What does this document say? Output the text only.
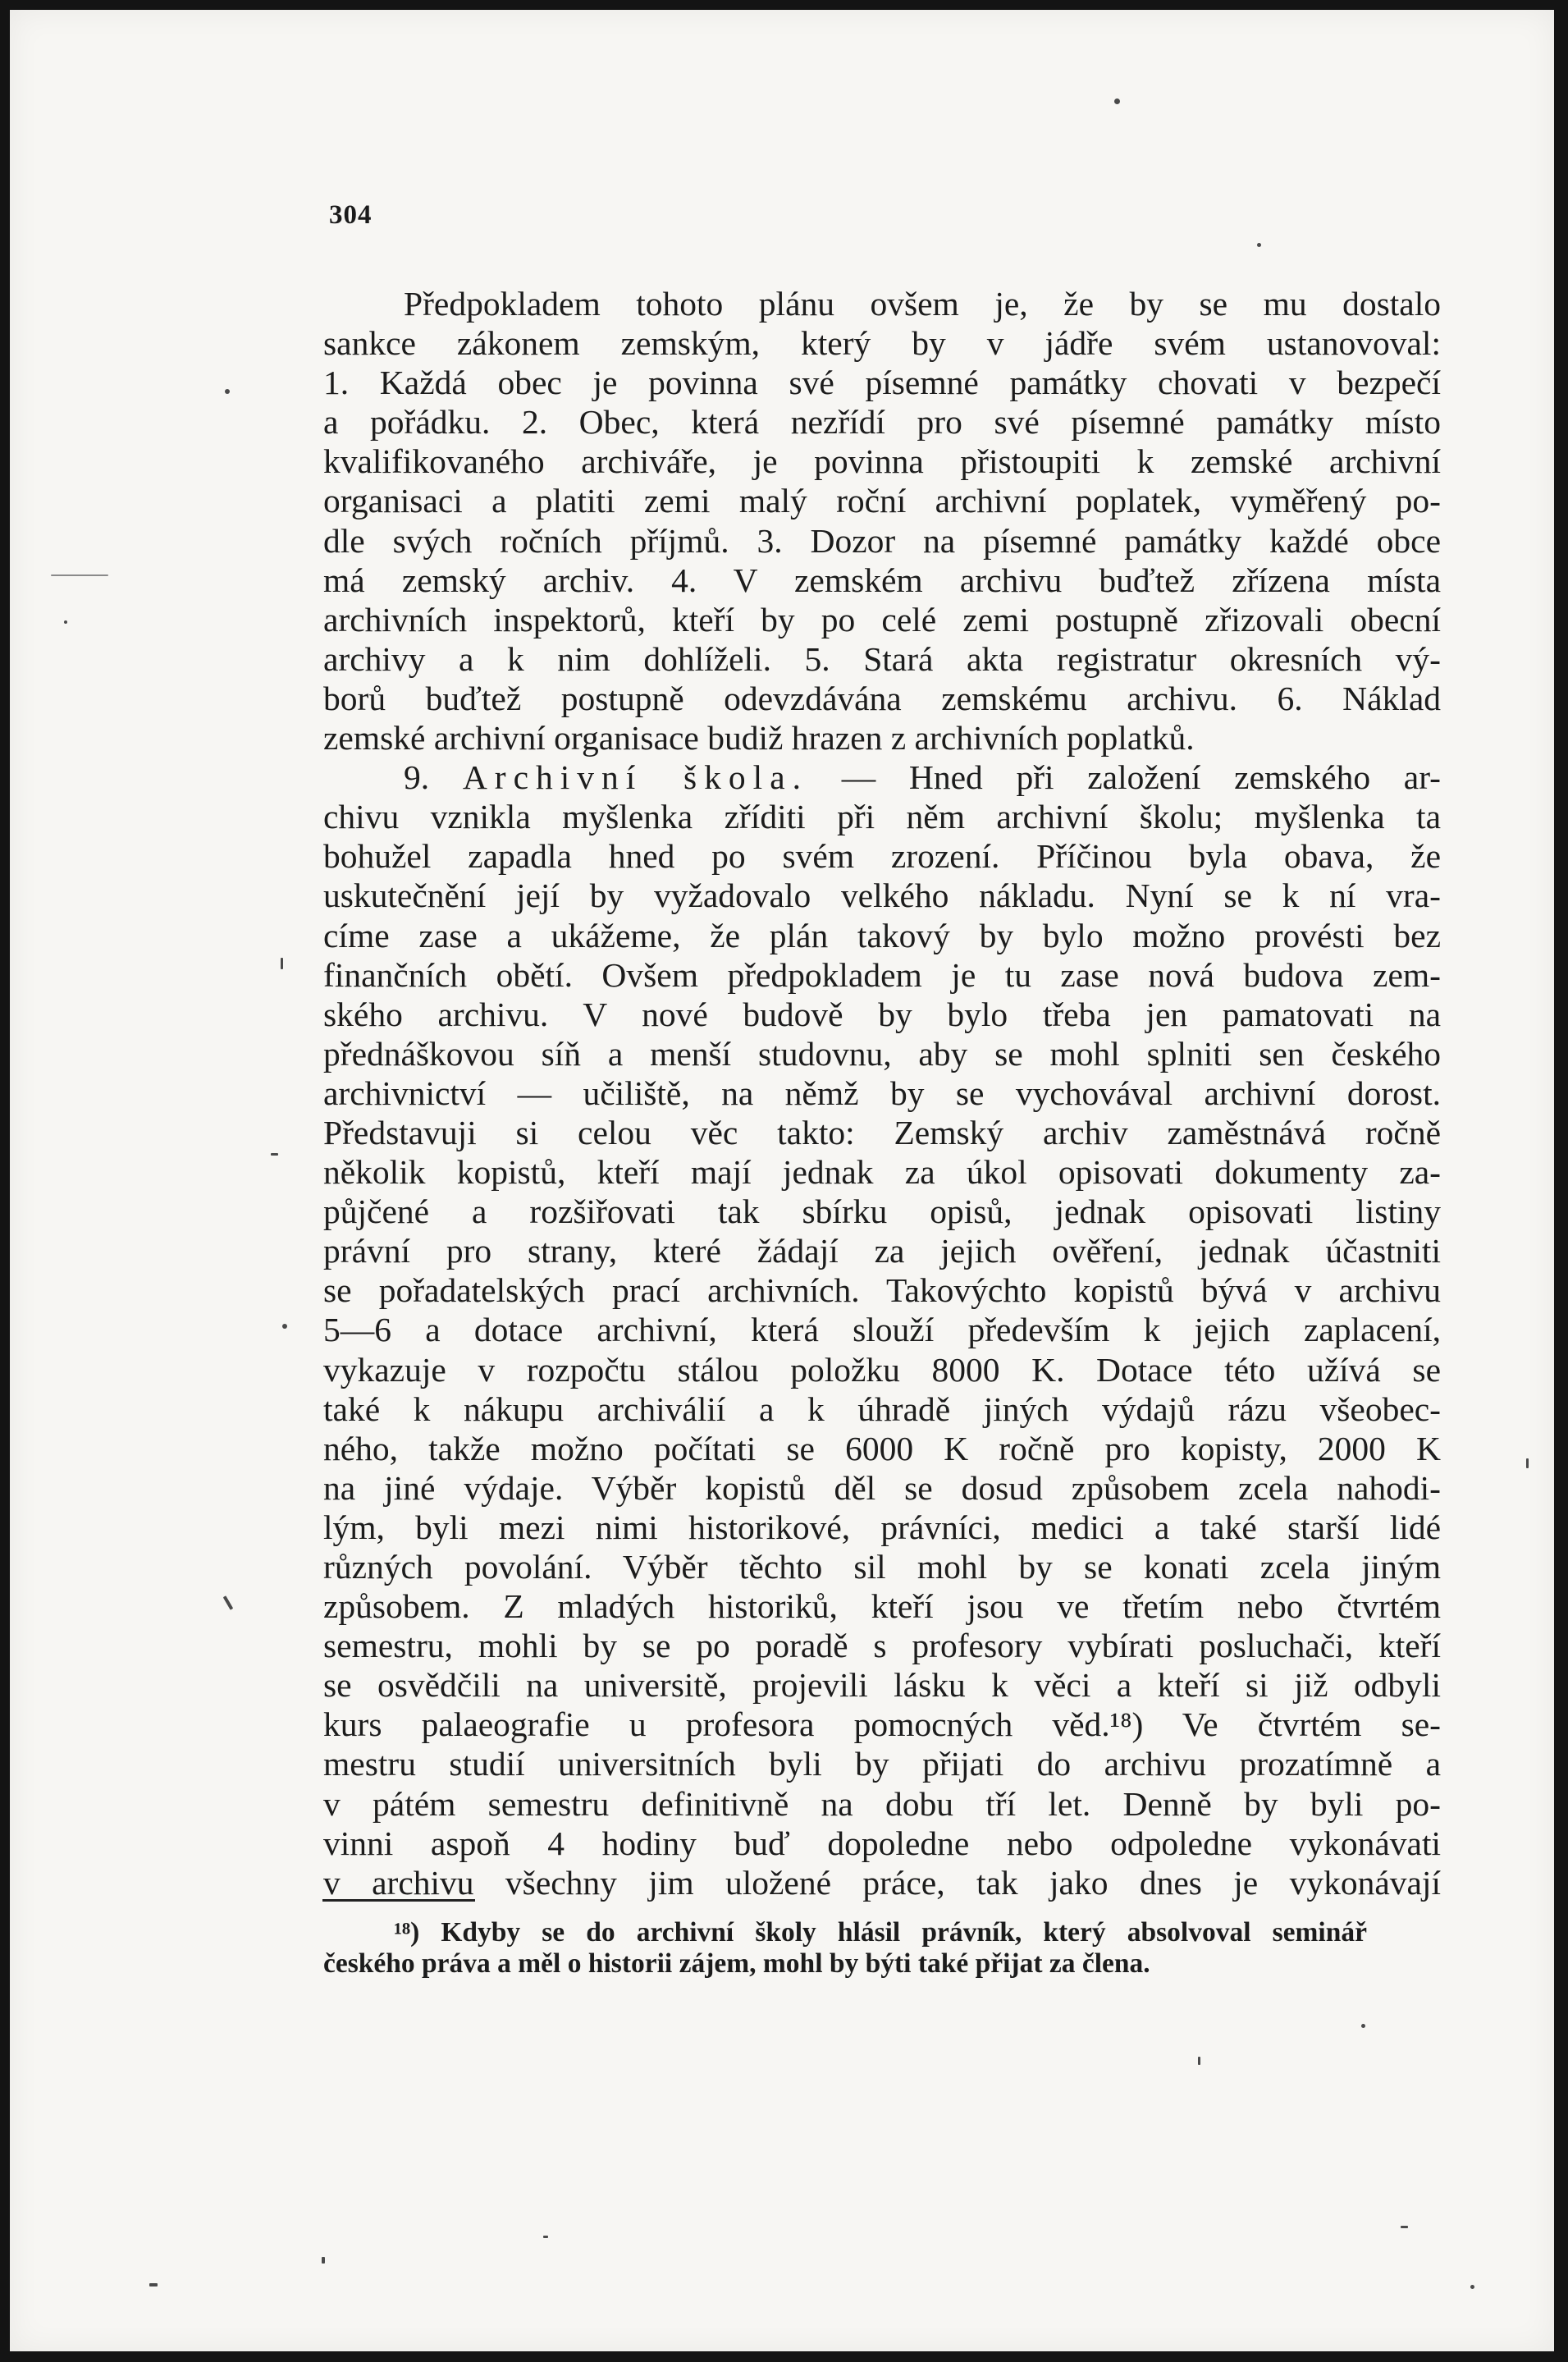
304
Předpokladem tohoto plánu ovšem je, že by se mu dostalo
sankce zákonem zemským, který by v jádře svém ustanovoval:
1. Každá obec je povinna své písemné památky chovati v bezpečí
a pořádku. 2. Obec, která nezřídí pro své písemné památky místo
kvalifikovaného archiváře, je povinna přistoupiti k zemské archivní
organisaci a platiti zemi malý roční archivní poplatek, vyměřený po-
dle svých ročních příjmů. 3. Dozor na písemné památky každé obce
má zemský archiv. 4. V zemském archivu buďtež zřízena místa
archivních inspektorů, kteří by po celé zemi postupně zřizovali obecní
archivy a k nim dohlíželi. 5. Stará akta registratur okresních vý-
borů buďtež postupně odevzdávána zemskému archivu. 6. Náklad
zemské archivní organisace budiž hrazen z archivních poplatků.
9. Archivní škola. — Hned při založení zemského ar-
chivu vznikla myšlenka zříditi při něm archivní školu; myšlenka ta
bohužel zapadla hned po svém zrození. Příčinou byla obava, že
uskutečnění její by vyžadovalo velkého nákladu. Nyní se k ní vra-
címe zase a ukážeme, že plán takový by bylo možno provésti bez
finančních obětí. Ovšem předpokladem je tu zase nová budova zem-
ského archivu. V nové budově by bylo třeba jen pamatovati na
přednáškovou síň a menší studovnu, aby se mohl splniti sen českého
archivnictví — učiliště, na němž by se vychovával archivní dorost.
Představuji si celou věc takto: Zemský archiv zaměstnává ročně
několik kopistů, kteří mají jednak za úkol opisovati dokumenty za-
půjčené a rozšiřovati tak sbírku opisů, jednak opisovati listiny
právní pro strany, které žádají za jejich ověření, jednak účastniti
se pořadatelských prací archivních. Takovýchto kopistů bývá v archivu
5—6 a dotace archivní, která slouží především k jejich zaplacení,
vykazuje v rozpočtu stálou položku 8000 K. Dotace této užívá se
také k nákupu archiválií a k úhradě jiných výdajů rázu všeobec-
ného, takže možno počítati se 6000 K ročně pro kopisty, 2000 K
na jiné výdaje. Výběr kopistů děl se dosud způsobem zcela nahodi-
lým, byli mezi nimi historikové, právníci, medici a také starší lidé
různých povolání. Výběr těchto sil mohl by se konati zcela jiným
způsobem. Z mladých historiků, kteří jsou ve třetím nebo čtvrtém
semestru, mohli by se po poradě s profesory vybírati posluchači, kteří
se osvědčili na universitě, projevili lásku k věci a kteří si již odbyli
kurs palaeografie u profesora pomocných věd.¹⁸) Ve čtvrtém se-
mestru studií universitních byli by přijati do archivu prozatímně a
v pátém semestru definitivně na dobu tří let. Denně by byli po-
vinni aspoň 4 hodiny buď dopoledne nebo odpoledne vykonávati
v archivu všechny jim uložené práce, tak jako dnes je vykonávají
¹⁸) Kdyby se do archivní školy hlásil právník, který absolvoval seminář
českého práva a měl o historii zájem, mohl by býti také přijat za člena.
